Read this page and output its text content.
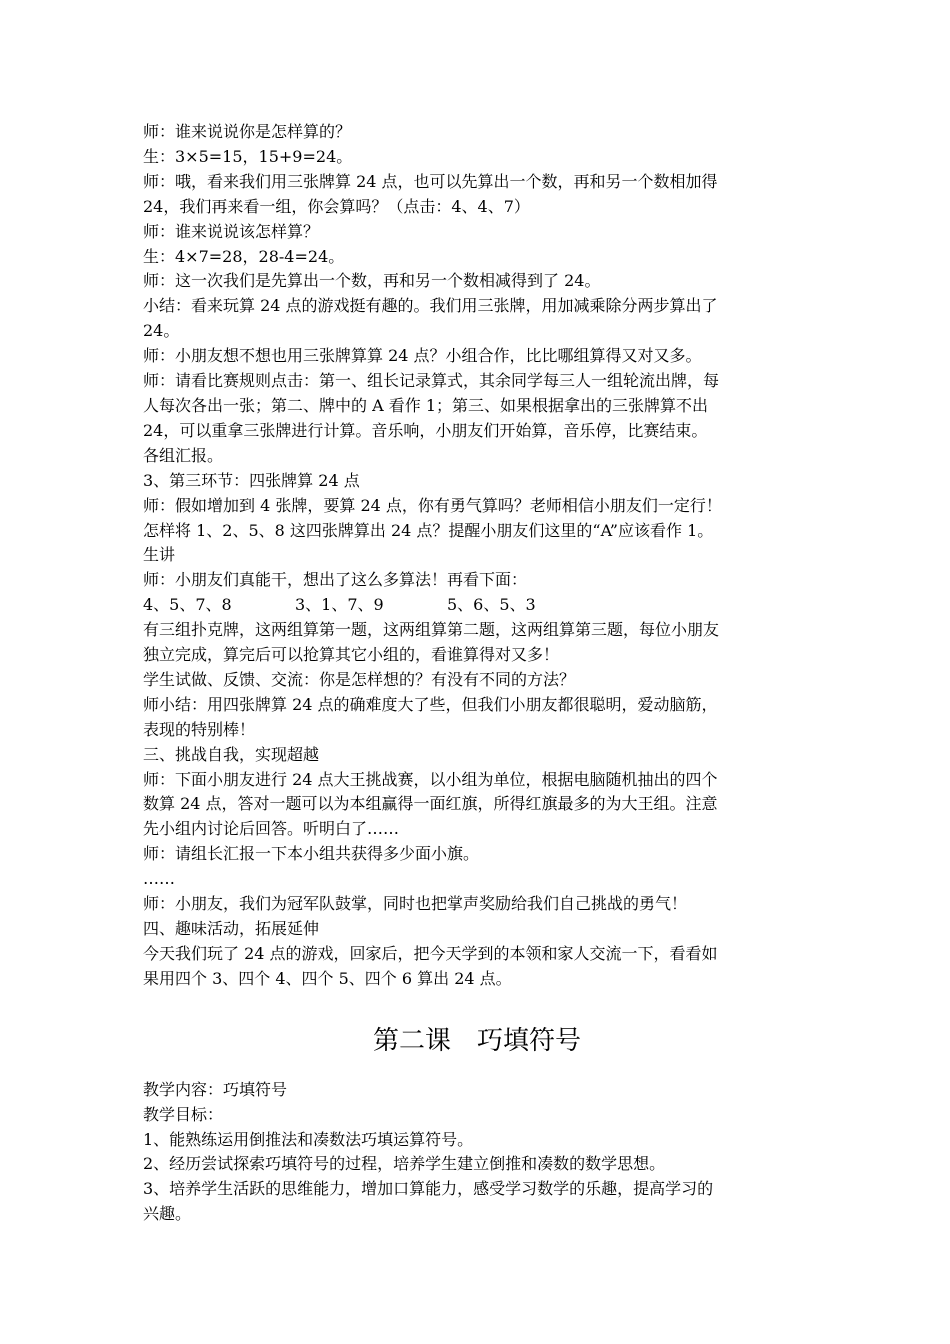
师：谁来说说你是怎样算的？
生：3×5=15，15+9=24。
师：哦，看来我们用三张牌算 24 点，也可以先算出一个数，再和另一个数相加得
24，我们再来看一组，你会算吗？（点击：4、4、7）
师：谁来说说该怎样算？
生：4×7=28，28-4=24。
师：这一次我们是先算出一个数，再和另一个数相减得到了 24。
小结：看来玩算 24 点的游戏挺有趣的。我们用三张牌，用加减乘除分两步算出了
24。
师：小朋友想不想也用三张牌算算 24 点？小组合作，比比哪组算得又对又多。
师：请看比赛规则点击：第一、组长记录算式，其余同学每三人一组轮流出牌，每
人每次各出一张；第二、牌中的 A 看作 1；第三、如果根据拿出的三张牌算不出
24，可以重拿三张牌进行计算。音乐响，小朋友们开始算，音乐停，比赛结束。
各组汇报。
3、第三环节：四张牌算 24 点
师：假如增加到 4 张牌，要算 24 点，你有勇气算吗？老师相信小朋友们一定行！
怎样将 1、2、5、8 这四张牌算出 24 点？提醒小朋友们这里的“A”应该看作 1。
生讲
师：小朋友们真能干，想出了这么多算法！再看下面：
4、5、7、8	3、1、7、9	5、6、5、3
有三组扑克牌，这两组算第一题，这两组算第二题，这两组算第三题，每位小朋友
独立完成，算完后可以抢算其它小组的，看谁算得对又多！
学生试做、反馈、交流：你是怎样想的？有没有不同的方法？
师小结：用四张牌算 24 点的确难度大了些，但我们小朋友都很聪明，爱动脑筋，
表现的特别棒！
三、挑战自我，实现超越
师：下面小朋友进行 24 点大王挑战赛，以小组为单位，根据电脑随机抽出的四个
数算 24 点，答对一题可以为本组赢得一面红旗，所得红旗最多的为大王组。注意
先小组内讨论后回答。听明白了……
师：请组长汇报一下本小组共获得多少面小旗。
……
师：小朋友，我们为冠军队鼓掌，同时也把掌声奖励给我们自己挑战的勇气！
四、趣味活动，拓展延伸
今天我们玩了 24 点的游戏，回家后，把今天学到的本领和家人交流一下，看看如
果用四个 3、四个 4、四个 5、四个 6 算出 24 点。
第二课　巧填符号
教学内容：巧填符号
教学目标：
1、能熟练运用倒推法和凑数法巧填运算符号。
2、经历尝试探索巧填符号的过程，培养学生建立倒推和凑数的数学思想。
3、培养学生活跃的思维能力，增加口算能力，感受学习数学的乐趣，提高学习的
兴趣。
